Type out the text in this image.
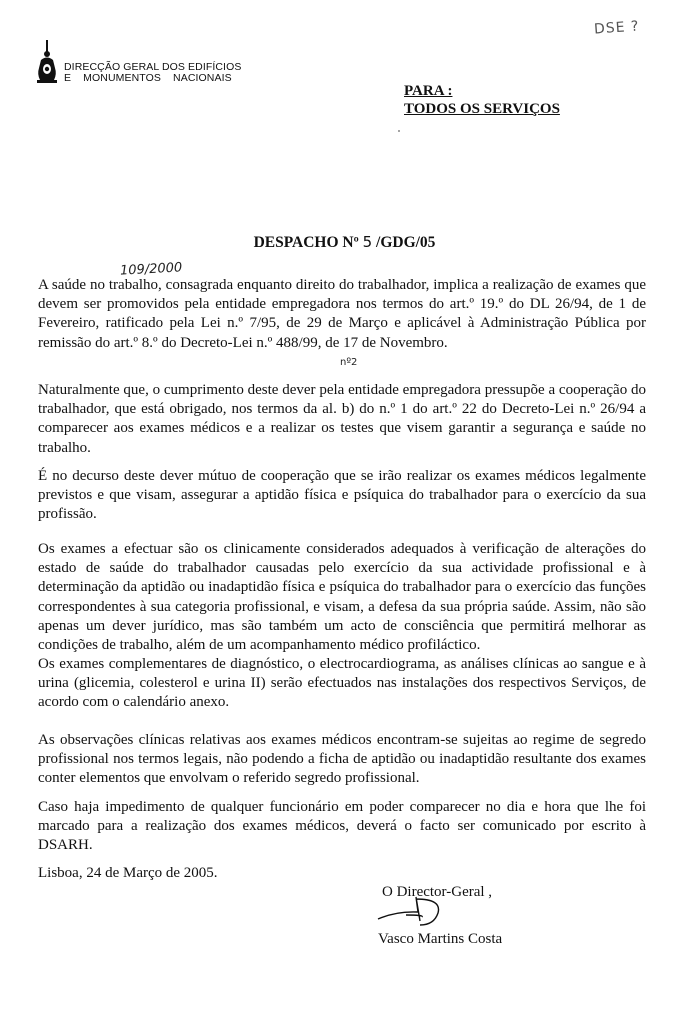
DIRECÇÃO GERAL DOS EDIFÍCIOS
E    MONUMENTOS    NACIONAIS
DSE ?
PARA :
TODOS OS SERVIÇOS
DESPACHO Nº 5 /GDG/05
109/2000
nº2

A saúde no trabalho, consagrada enquanto direito do trabalhador, implica a realização de exames que devem ser promovidos pela entidade empregadora nos termos do art.º 19.º do DL 26/94, de 1 de Fevereiro, ratificado pela Lei n.º 7/95, de 29 de Março e aplicável à Administração Pública por remissão do art.º 8.º do Decreto-Lei n.º 488/99, de 17 de Novembro.

Naturalmente que, o cumprimento deste dever pela entidade empregadora pressupõe a cooperação do trabalhador, que está obrigado, nos termos da al. b) do n.º 1 do art.º 22 do Decreto-Lei n.º 26/94 a comparecer aos exames médicos e a realizar os testes que visem garantir a segurança e saúde no trabalho.

É no decurso deste dever mútuo de cooperação que se irão realizar os exames médicos legalmente previstos e que visam, assegurar a aptidão física e psíquica do trabalhador para o exercício da sua profissão.

Os exames a efectuar são os clinicamente considerados adequados à verificação de alterações do estado de saúde do trabalhador causadas pelo exercício da sua actividade profissional e à determinação da aptidão ou inadaptidão física e psíquica do trabalhador para o exercício das funções correspondentes à sua categoria profissional, e visam, a defesa da sua própria saúde. Assim, não são apenas um dever jurídico, mas são também um acto de consciência que permitirá melhorar as condições de trabalho, além de um acompanhamento médico profiláctico.

Os exames complementares de diagnóstico, o electrocardiograma, as análises clínicas ao sangue e à urina (glicemia, colesterol e urina II) serão efectuados nas instalações dos respectivos Serviços, de acordo com o calendário anexo.

As observações clínicas relativas aos exames médicos encontram-se sujeitas ao regime de segredo profissional nos termos legais, não podendo a ficha de aptidão ou inadaptidão resultante dos exames conter elementos que envolvam o referido segredo profissional.

Caso haja impedimento de qualquer funcionário em poder comparecer no dia e hora que lhe foi marcado para a realização dos exames médicos, deverá o facto ser comunicado por escrito à DSARH.

Lisboa, 24 de Março de 2005.
O Director-Geral ,
Vasco Martins Costa
